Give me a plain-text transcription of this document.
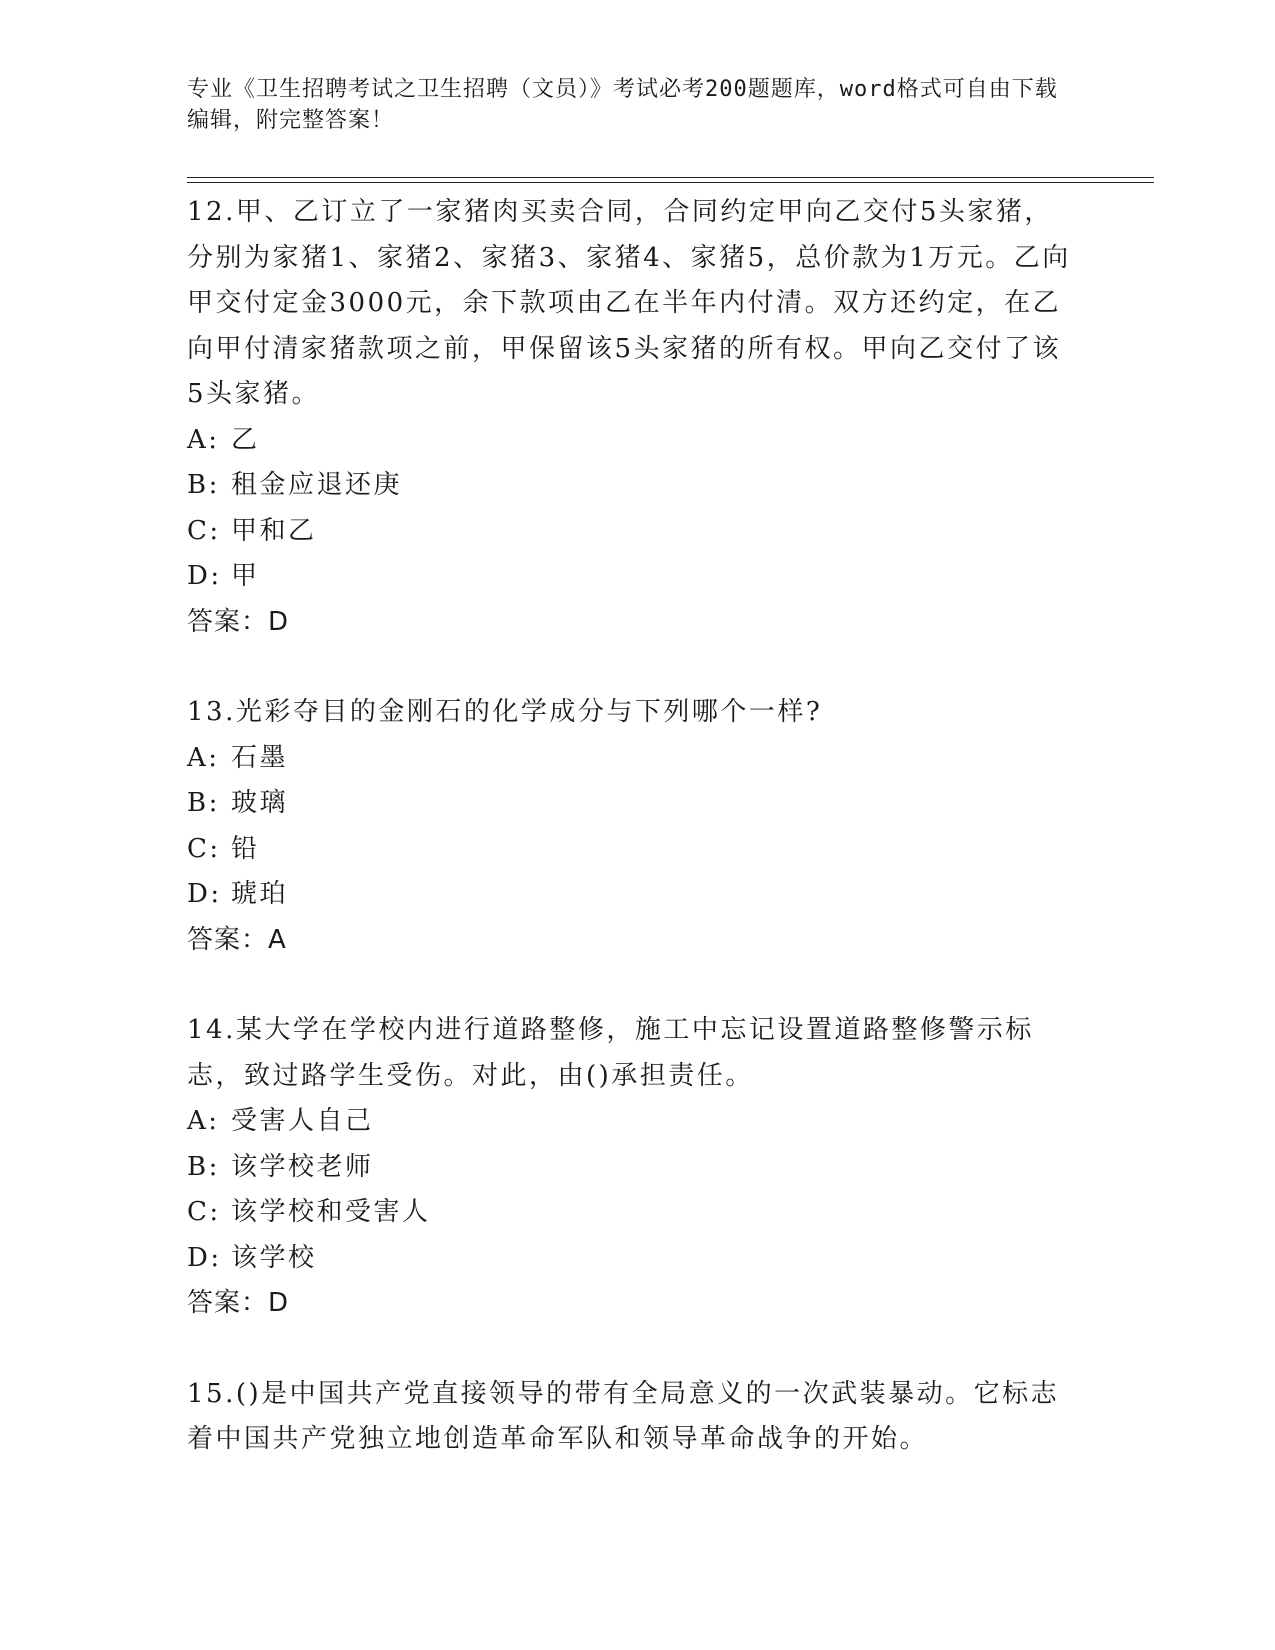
专业《卫生招聘考试之卫生招聘（文员）》考试必考200题题库，word格式可自由下载编辑，附完整答案！
12.甲、乙订立了一家猪肉买卖合同，合同约定甲向乙交付5头家猪，分别为家猪1、家猪2、家猪3、家猪4、家猪5，总价款为1万元。乙向甲交付定金3000元，余下款项由乙在半年内付清。双方还约定，在乙向甲付清家猪款项之前，甲保留该5头家猪的所有权。甲向乙交付了该5头家猪。
A: 乙
B: 租金应退还庚
C: 甲和乙
D: 甲
答案：D
13.光彩夺目的金刚石的化学成分与下列哪个一样?
A: 石墨
B: 玻璃
C: 铅
D: 琥珀
答案：A
14.某大学在学校内进行道路整修，施工中忘记设置道路整修警示标志，致过路学生受伤。对此，由()承担责任。
A: 受害人自己
B: 该学校老师
C: 该学校和受害人
D: 该学校
答案：D
15.()是中国共产党直接领导的带有全局意义的一次武装暴动。它标志着中国共产党独立地创造革命军队和领导革命战争的开始。
